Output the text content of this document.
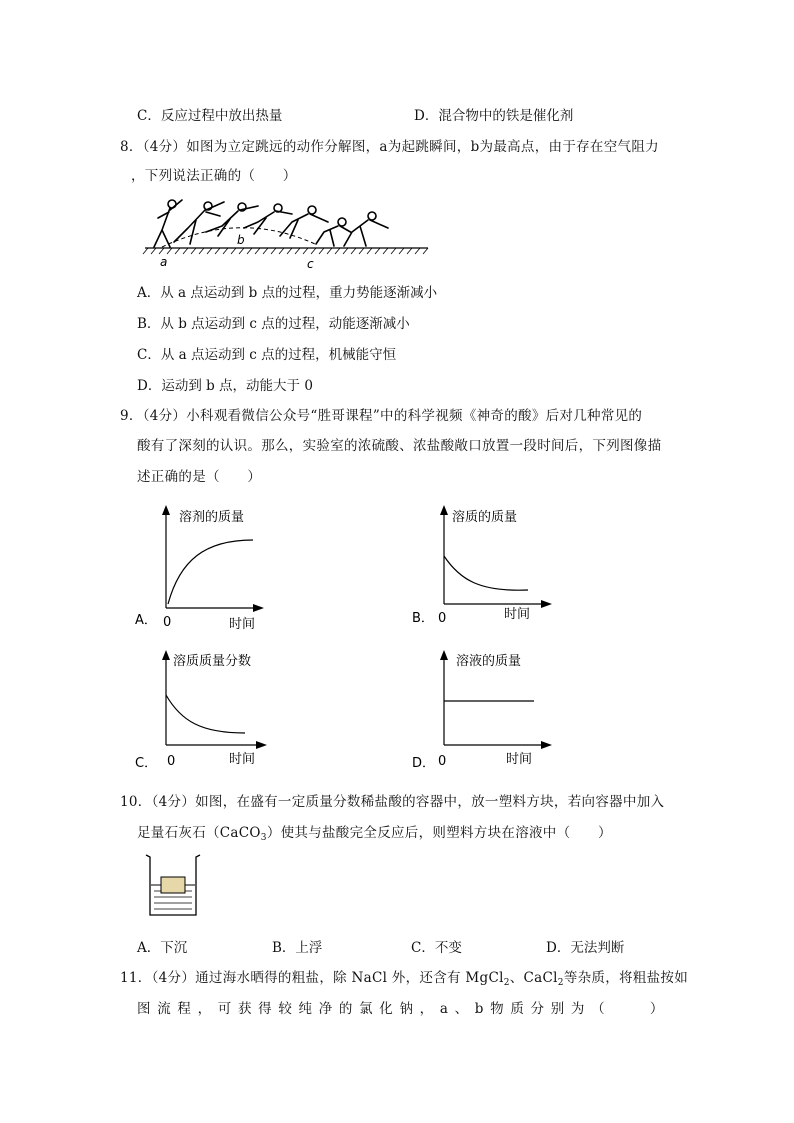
C．反应过程中放出热量	D．混合物中的铁是催化剂
8．（4分）如图为立定跳远的动作分解图，a为起跳瞬间，b为最高点，由于存在空气阻力
，下列说法正确的（　　）
a
b
c
A．从 a 点运动到 b 点的过程，重力势能逐渐减小
B．从 b 点运动到 c 点的过程，动能逐渐减小
C．从 a 点运动到 c 点的过程，机械能守恒
D．运动到 b 点，动能大于 0
9．（4分）小科观看微信公众号“胜哥课程”中的科学视频《神奇的酸》后对几种常见的
酸有了深刻的认识。那么，实验室的浓硫酸、浓盐酸敞口放置一段时间后，下列图像描
述正确的是（　　）
溶剂的质量
0	时间
A．
溶质的质量
0	时间
B．
溶质质量分数
0	时间
C．
溶液的质量
0	时间
D．
10．（4分）如图，在盛有一定质量分数稀盐酸的容器中，放一塑料方块，若向容器中加入
足量石灰石（CaCO$_3$）使其与盐酸完全反应后，则塑料方块在溶液中（　　）
A．下沉	B．上浮	C．不变	D．无法判断
11．（4分）通过海水晒得的粗盐，除 NaCl 外，还含有 MgCl$_2$、CaCl$_2$等杂质，将粗盐按如
图 流 程 ， 可 获 得 较 纯 净 的 氯 化 钠 ， a 、 b 物 质 分 别 为 （　　　）
